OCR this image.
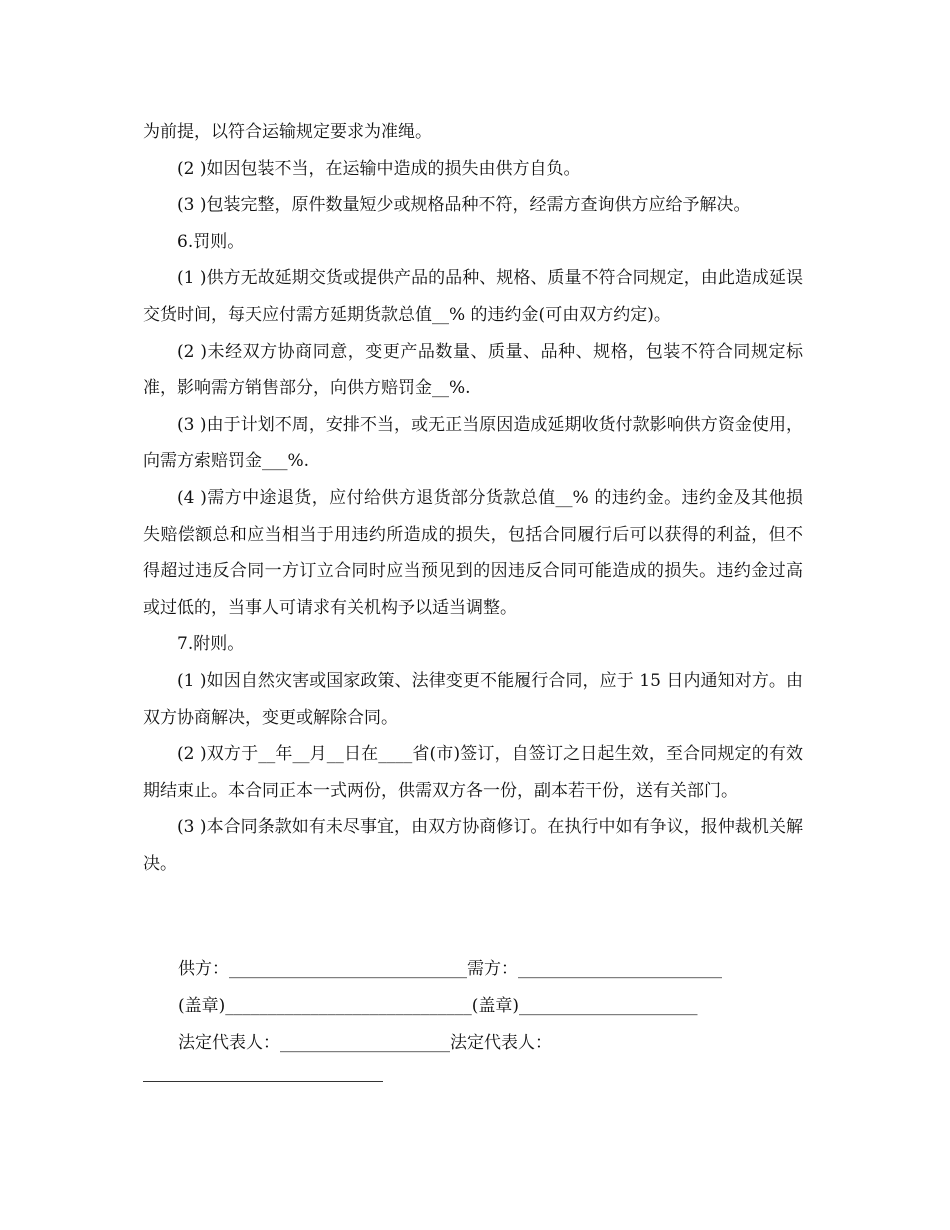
为前提，以符合运输规定要求为准绳。

(2 )如因包装不当，在运输中造成的损失由供方自负。

(3 )包装完整，原件数量短少或规格品种不符，经需方查询供方应给予解决。

6.罚则。

(1 )供方无故延期交货或提供产品的品种、规格、质量不符合同规定，由此造成延误交货时间，每天应付需方延期货款总值__% 的违约金(可由双方约定)。

(2 )未经双方协商同意，变更产品数量、质量、品种、规格，包装不符合同规定标准，影响需方销售部分，向供方赔罚金__%.

(3 )由于计划不周，安排不当，或无正当原因造成延期收货付款影响供方资金使用，向需方索赔罚金___%.

(4 )需方中途退货，应付给供方退货部分货款总值__% 的违约金。违约金及其他损失赔偿额总和应当相当于用违约所造成的损失，包括合同履行后可以获得的利益，但不得超过违反合同一方订立合同时应当预见到的因违反合同可能造成的损失。违约金过高或过低的，当事人可请求有关机构予以适当调整。

7.附则。

(1 )如因自然灾害或国家政策、法律变更不能履行合同，应于 15 日内通知对方。由双方协商解决，变更或解除合同。

(2 )双方于__年__月__日在____省(市)签订，自签订之日起生效，至合同规定的有效期结束止。本合同正本一式两份，供需双方各一份，副本若干份，送有关部门。

(3 )本合同条款如有未尽事宜，由双方协商修订。在执行中如有争议，报仲裁机关解决。

供方：____________________________需方：________________________
(盖章)_____________________________(盖章)_____________________
法定代表人：____________________法定代表人：
